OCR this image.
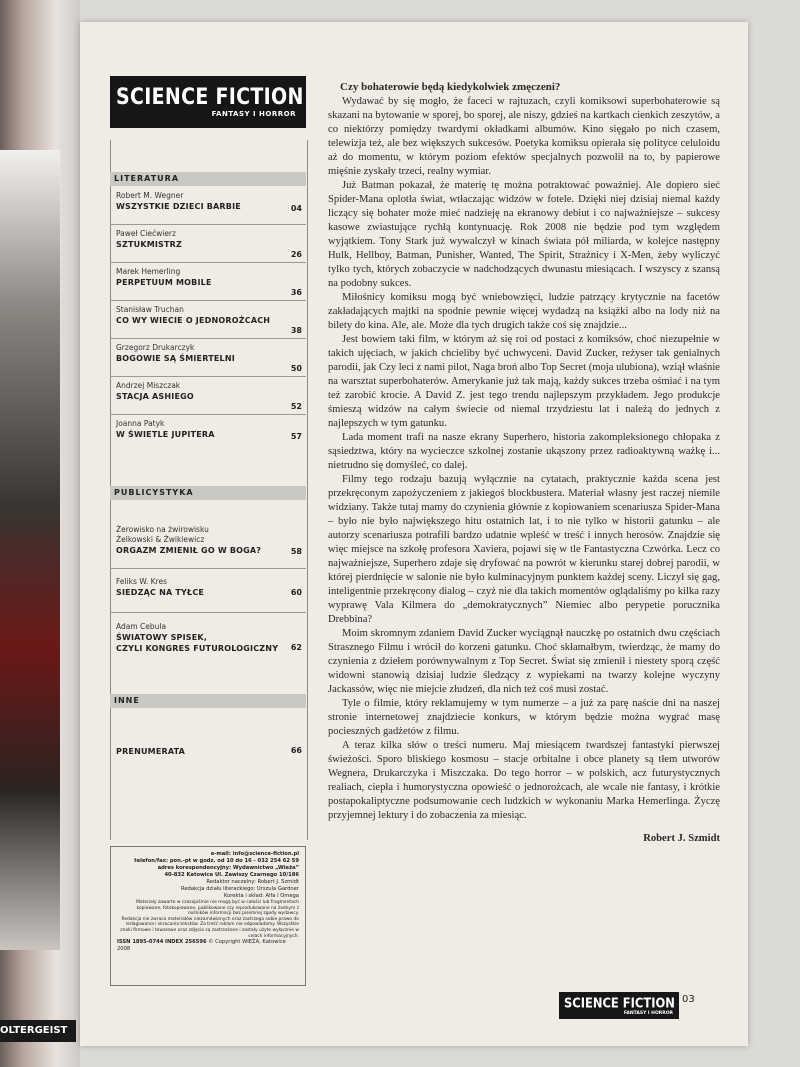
OLTERGEIST
SCIENCE FICTION
FANTASY I HORROR
LITERATURA
Robert M. Wegner
WSZYSTKIE DZIECI BARBIE	04
Paweł Ciećwierz
SZTUKMISTRZ
26
Marek Hemerling
PERPETUUM MOBILE
36
Stanisław Truchan
CO WY WIECIE O JEDNOROŻCACH
38
Grzegorz Drukarczyk
BOGOWIE SĄ ŚMIERTELNI
50
Andrzej Miszczak
STACJA ASHIEGO
52
Joanna Patyk
W ŚWIETLE JUPITERA	57
PUBLICYSTYKA
Żerowisko na żwirowisku
Żelkowski & Żwikiewicz
ORGAZM ZMIENIŁ GO W BOGA?	58
Feliks W. Kres
SIEDZĄC NA TYŁCE	60
Adam Cebula
ŚWIATOWY SPISEK,
CZYLI KONGRES FUTUROLOGICZNY	62
INNE
PRENUMERATA	66
e-mail: info@science-fiction.pl
telefon/fax: pon.-pt w godz. od 10 do 16 - 032 254 62 59
adres korespondencyjny: Wydawnictwo „Wieża”
40-832 Katowice Ul. Zawiszy Czarnego 10/186
Redaktor naczelny: Robert J. Szmidt
Redakcja działu literackiego: Urszula Gardner
Korekta i skład: Alfa i Omega
Materiały zawarte w czasopiśmie nie mogą być w całości lub fragmentach kopiowane, fotokopiowane, publikowane czy reprodukowane na żadnym z nośników informacji bez pisemnej zgody wydawcy.
Redakcja nie zwraca materiałów niezamówionych oraz zastrzega sobie prawo do redagowania i skracania tekstów. Za treść reklam nie odpowiadamy. Wszystkie znaki firmowe i towarowe oraz zdjęcia są zastrzeżone i zostały użyte wyłącznie w celach informacyjnych.
ISSN 1895-0744 INDEX 256596 © Copyright WIEŻA, Katowice 2008
Czy bohaterowie będą kiedykolwiek zmęczeni?

Wydawać by się mogło, że faceci w rajtuzach, czyli komiksowi superbohaterowie są skazani na bytowanie w sporej, bo sporej, ale niszy, gdzieś na kartkach cienkich zeszytów, a co niektórzy pomiędzy twardymi okładkami albumów. Kino sięgało po nich czasem, telewizja też, ale bez większych sukcesów. Poetyka komiksu opierała się polityce celuloidu aż do momentu, w którym poziom efektów specjalnych pozwolił na to, by papierowe mięśnie zyskały trzeci, realny wymiar.

Już Batman pokazał, że materię tę można potraktować poważniej. Ale dopiero sieć Spider-Mana oplotła świat, wtłaczając widzów w fotele. Dzięki niej dzisiaj niemal każdy liczący się bohater może mieć nadzieję na ekranowy debiut i co najważniejsze – sukcesy kasowe zwiastujące rychłą kontynuację. Rok 2008 nie będzie pod tym względem wyjątkiem. Tony Stark już wywalczył w kinach świata pół miliarda, w kolejce następny Hulk, Hellboy, Batman, Punisher, Wanted, The Spirit, Strażnicy i X-Men, żeby wyliczyć tylko tych, których zobaczycie w nadchodzących dwunastu miesiącach. I wszyscy z szansą na podobny sukces.

Miłośnicy komiksu mogą być wniebowzięci, ludzie patrzący krytycznie na facetów zakładających majtki na spodnie pewnie więcej wydadzą na książki albo na lody niż na bilety do kina. Ale, ale. Może dla tych drugich także coś się znajdzie...

Jest bowiem taki film, w którym aż się roi od postaci z komiksów, choć niezupełnie w takich ujęciach, w jakich chcieliby być uchwyceni. David Zucker, reżyser tak genialnych parodii, jak Czy leci z nami pilot, Naga broń albo Top Secret (moja ulubiona), wziął właśnie na warsztat superbohaterów. Amerykanie już tak mają, każdy sukces trzeba ośmiać i na tym też zarobić krocie. A David Z. jest tego trendu najlepszym przykładem. Jego produkcje śmieszą widzów na całym świecie od niemal trzydziestu lat i należą do jednych z najlepszych w tym gatunku.

Lada moment trafi na nasze ekrany Superhero, historia zakompleksionego chłopaka z sąsiedztwa, który na wycieczce szkolnej zostanie ukąszony przez radioaktywną ważkę i... nietrudno się domyśleć, co dalej.

Filmy tego rodzaju bazują wyłącznie na cytatach, praktycznie każda scena jest przekręconym zapożyczeniem z jakiegoś blockbustera. Materiał własny jest raczej niemile widziany. Także tutaj mamy do czynienia głównie z kopiowaniem scenariusza Spider-Mana – było nie było największego hitu ostatnich lat, i to nie tylko w historii gatunku – ale autorzy scenariusza potrafili bardzo udatnie wpleść w treść i innych herosów. Znajdzie się więc miejsce na szkołę profesora Xaviera, pojawi się w tle Fantastyczna Czwórka. Lecz co najważniejsze, Superhero zdaje się dryfować na powrót w kierunku starej dobrej parodii, w której pierdnięcie w salonie nie było kulminacyjnym punktem każdej sceny. Liczył się gag, inteligentnie przekręcony dialog – czyż nie dla takich momentów oglądaliśmy po kilka razy wyprawę Vala Kilmera do „demokratycznych” Niemiec albo perypetie porucznika Drebbina?

Moim skromnym zdaniem David Zucker wyciągnął nauczkę po ostatnich dwu częściach Strasznego Filmu i wrócił do korzeni gatunku. Choć skłamałbym, twierdząc, że mamy do czynienia z dziełem porównywalnym z Top Secret. Świat się zmienił i niestety sporą część widowni stanowią dzisiaj ludzie śledzący z wypiekami na twarzy kolejne wyczyny Jackassów, więc nie miejcie złudzeń, dla nich też coś musi zostać.

Tyle o filmie, który reklamujemy w tym numerze – a już za parę naście dni na naszej stronie internetowej znajdziecie konkurs, w którym będzie można wygrać masę pocieszných gadżetów z filmu.

A teraz kilka słów o treści numeru. Maj miesiącem twardszej fantastyki pierwszej świeżości. Sporo bliskiego kosmosu – stacje orbitalne i obce planety są tłem utworów Wegnera, Drukarczyka i Miszczaka. Do tego horror – w polskich, acz futurystycznych realiach, ciepła i humorystyczna opowieść o jednorożcach, ale wcale nie fantasy, i krótkie postapokaliptyczne podsumowanie cech ludzkich w wykonaniu Marka Hemerlinga. Życzę przyjemnej lektury i do zobaczenia za miesiąc.

Robert J. Szmidt
SCIENCE FICTION
FANTASY I HORROR
03
